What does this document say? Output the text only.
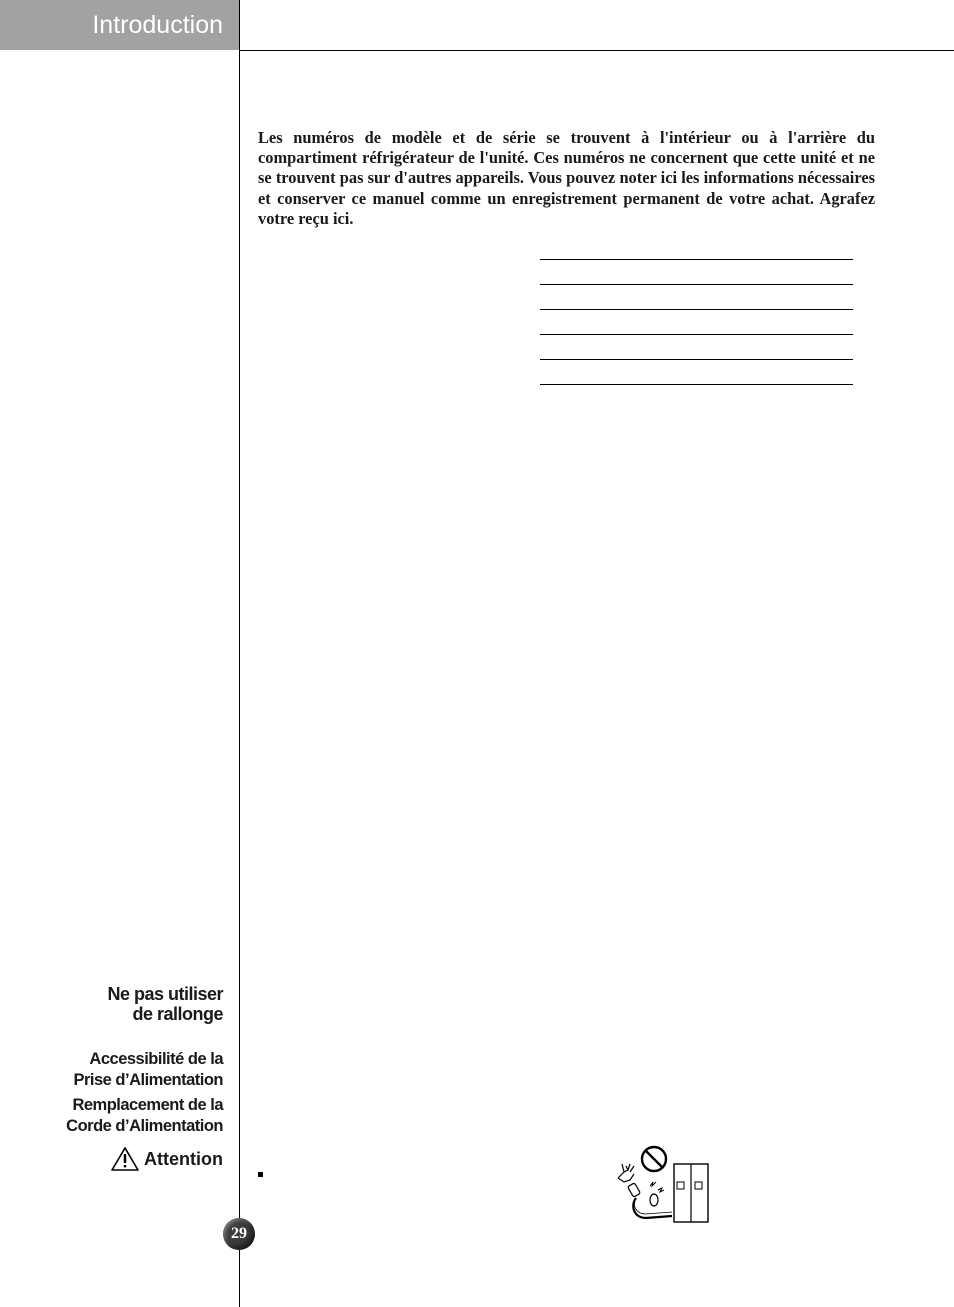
Introduction

Les numéros de modèle et de série se trouvent à l'intérieur ou à l'arrière du compartiment réfrigérateur de l'unité. Ces numéros ne concernent que cette unité et ne se trouvent pas sur d'autres appareils. Vous pouvez noter ici les informations nécessaires et conserver ce manuel comme un enregistrement permanent de votre achat. Agrafez votre reçu ici.

Ne pas utiliser
de rallonge
Accessibilité de la
Prise d’Alimentation
Remplacement de la
Corde d’Alimentation
Attention
29
